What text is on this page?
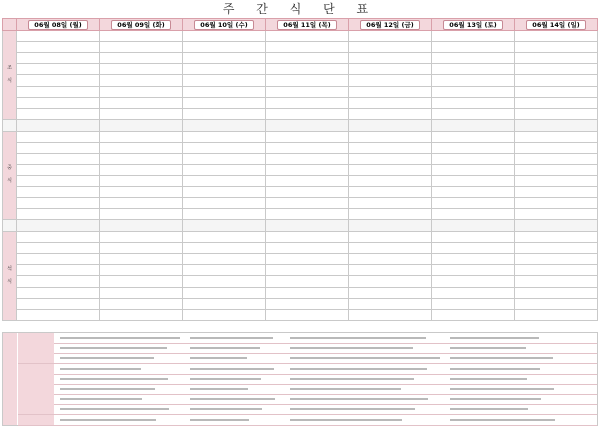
주 간 식 단 표
	06월 08일 (월)	06월 09일 (화)	06월 10일 (수)	06월 11일 (목)	06월 12일 (금)	06월 13일 (토)	06월 14일 (일)

조
식							

중
식							

석
식							
